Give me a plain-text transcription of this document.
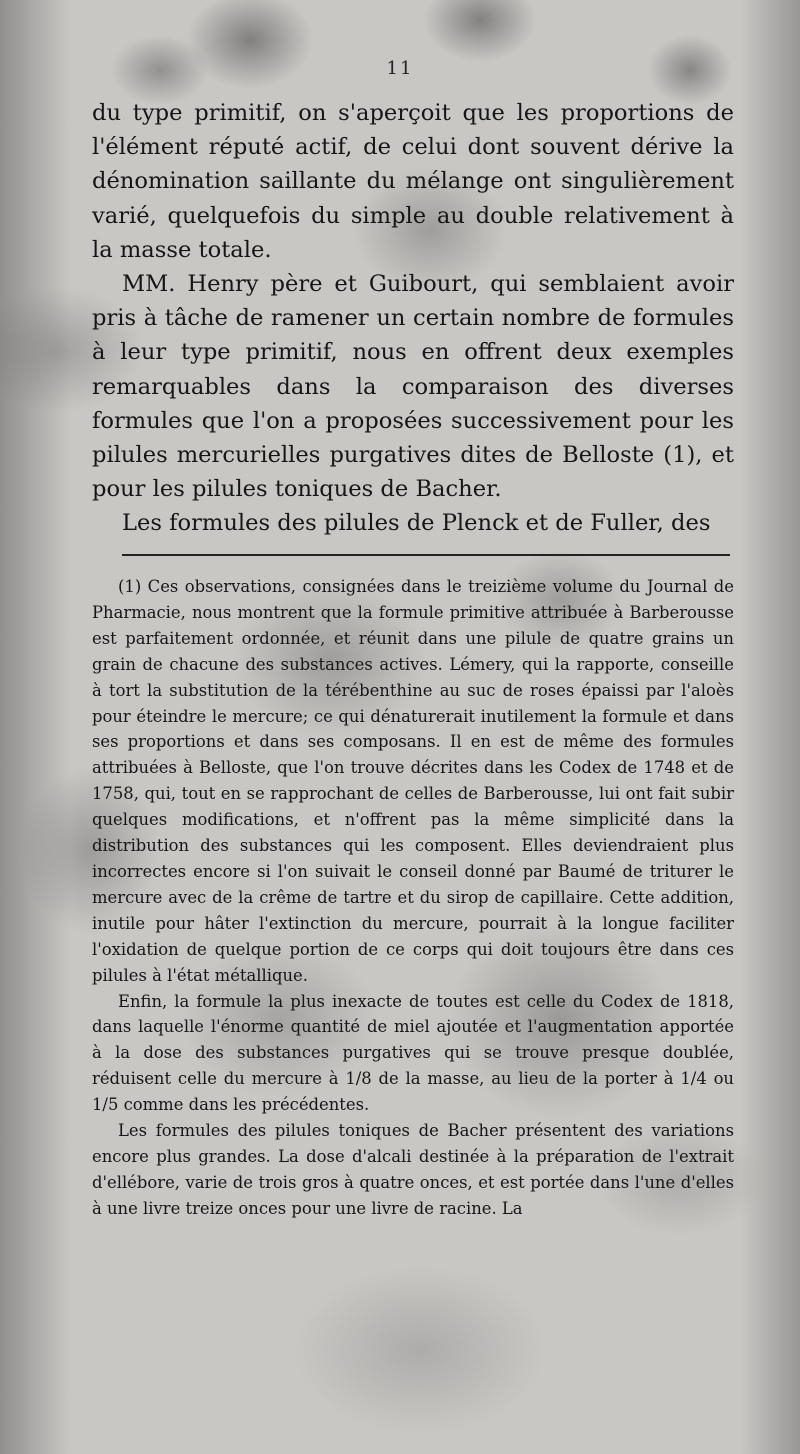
11

du type primitif, on s'aperçoit que les proportions de l'élément réputé actif, de celui dont souvent dérive la dénomination saillante du mélange ont singulièrement varié, quelquefois du simple au double relativement à la masse totale.

MM. Henry père et Guibourt, qui semblaient avoir pris à tâche de ramener un certain nombre de formules à leur type primitif, nous en offrent deux exemples remarquables dans la comparaison des diverses formules que l'on a proposées successivement pour les pilules mercurielles purgatives dites de Belloste (1), et pour les pilules toniques de Bacher.

Les formules des pilules de Plenck et de Fuller, des

(1) Ces observations, consignées dans le treizième volume du Journal de Pharmacie, nous montrent que la formule primitive attribuée à Barberousse est parfaitement ordonnée, et réunit dans une pilule de quatre grains un grain de chacune des substances actives. Lémery, qui la rapporte, conseille à tort la substitution de la térébenthine au suc de roses épaissi par l'aloès pour éteindre le mercure; ce qui dénaturerait inutilement la formule et dans ses proportions et dans ses composans. Il en est de même des formules attribuées à Belloste, que l'on trouve décrites dans les Codex de 1748 et de 1758, qui, tout en se rapprochant de celles de Barberousse, lui ont fait subir quelques modifications, et n'offrent pas la même simplicité dans la distribution des substances qui les composent. Elles deviendraient plus incorrectes encore si l'on suivait le conseil donné par Baumé de triturer le mercure avec de la crême de tartre et du sirop de capillaire. Cette addition, inutile pour hâter l'extinction du mercure, pourrait à la longue faciliter l'oxidation de quelque portion de ce corps qui doit toujours être dans ces pilules à l'état métallique.

Enfin, la formule la plus inexacte de toutes est celle du Codex de 1818, dans laquelle l'énorme quantité de miel ajoutée et l'augmentation apportée à la dose des substances purgatives qui se trouve presque doublée, réduisent celle du mercure à 1/8 de la masse, au lieu de la porter à 1/4 ou 1/5 comme dans les précédentes.

Les formules des pilules toniques de Bacher présentent des variations encore plus grandes. La dose d'alcali destinée à la préparation de l'extrait d'ellébore, varie de trois gros à quatre onces, et est portée dans l'une d'elles à une livre treize onces pour une livre de racine. La
